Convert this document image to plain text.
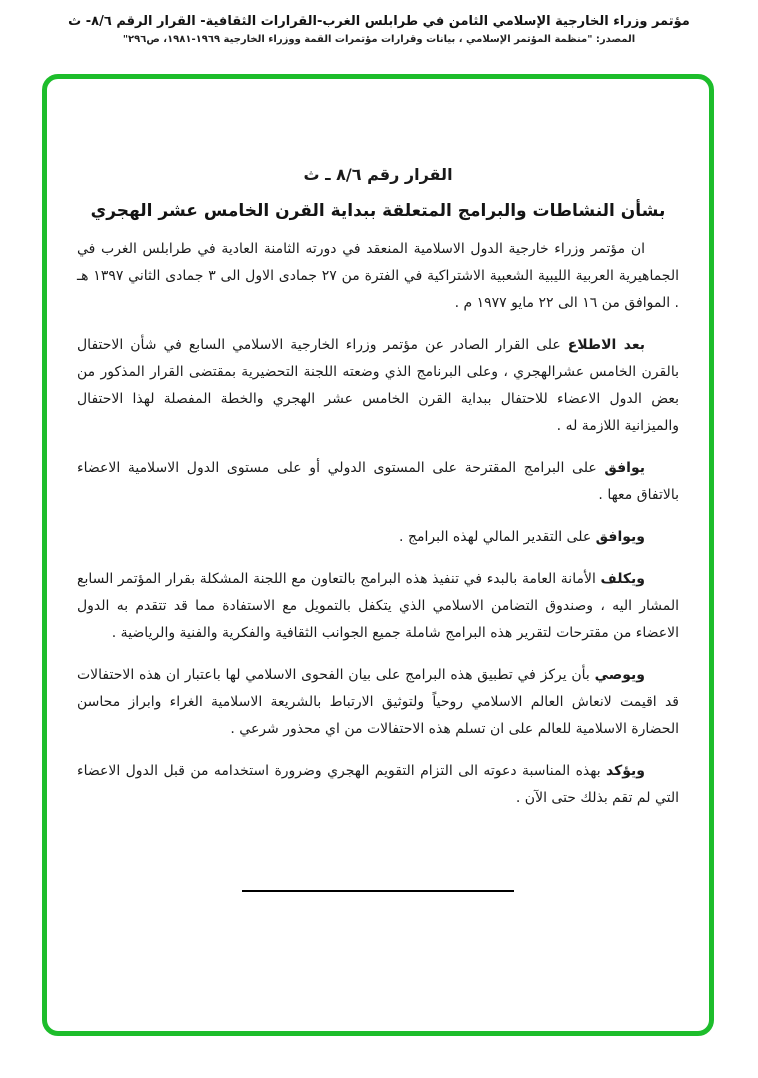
مؤتمر وزراء الخارجية الإسلامي الثامن في طرابلس الغرب-القرارات الثقافية- القرار الرقم ٨/٦- ث
المصدر: "منظمة المؤتمر الإسلامي ، بيانات وقرارات مؤتمرات القمة ووزراء الخارجية ١٩٦٩-١٩٨١، ص٢٩٦"
القرار رقم ٨/٦ ـ ث
بشأن النشاطات والبرامج المتعلقة ببداية القرن الخامس عشر الهجري

ان مؤتمر وزراء خارجية الدول الاسلامية المنعقد في دورته الثامنة العادية في طرابلس الغرب في الجماهيرية العربية الليبية الشعبية الاشتراكية في الفترة من ٢٧ جمادى الاول الى ٣ جمادى الثاني ١٣٩٧ هـ . الموافق من ١٦ الى ٢٢ مايو ١٩٧٧ م .

بعد الاطلاع على القرار الصادر عن مؤتمر وزراء الخارجية الاسلامي السابع في شأن الاحتفال بالقرن الخامس عشرالهجري ، وعلى البرنامج الذي وضعته اللجنة التحضيرية بمقتضى القرار المذكور من بعض الدول الاعضاء للاحتفال ببداية القرن الخامس عشر الهجري والخطة المفصلة لهذا الاحتفال والميزانية اللازمة له .

يوافق على البرامج المقترحة على المستوى الدولي أو على مستوى الدول الاسلامية الاعضاء بالاتفاق معها .

ويوافق على التقدير المالي لهذه البرامج .

ويكلف الأمانة العامة بالبدء في تنفيذ هذه البرامج بالتعاون مع اللجنة المشكلة بقرار المؤتمر السابع المشار اليه ، وصندوق التضامن الاسلامي الذي يتكفل بالتمويل مع الاستفادة مما قد تتقدم به الدول الاعضاء من مقترحات لتقرير هذه البرامج شاملة جميع الجوانب الثقافية والفكرية والفنية والرياضية .

ويوصي بأن يركز في تطبيق هذه البرامج على بيان الفحوى الاسلامي لها باعتبار ان هذه الاحتفالات قد اقيمت لانعاش العالم الاسلامي روحياً ولتوثيق الارتباط بالشريعة الاسلامية الغراء وابراز محاسن الحضارة الاسلامية للعالم على ان تسلم هذه الاحتفالات من اي محذور شرعي .

ويؤكد بهذه المناسبة دعوته الى التزام التقويم الهجري وضرورة استخدامه من قبل الدول الاعضاء التي لم تقم بذلك حتى الآن .
